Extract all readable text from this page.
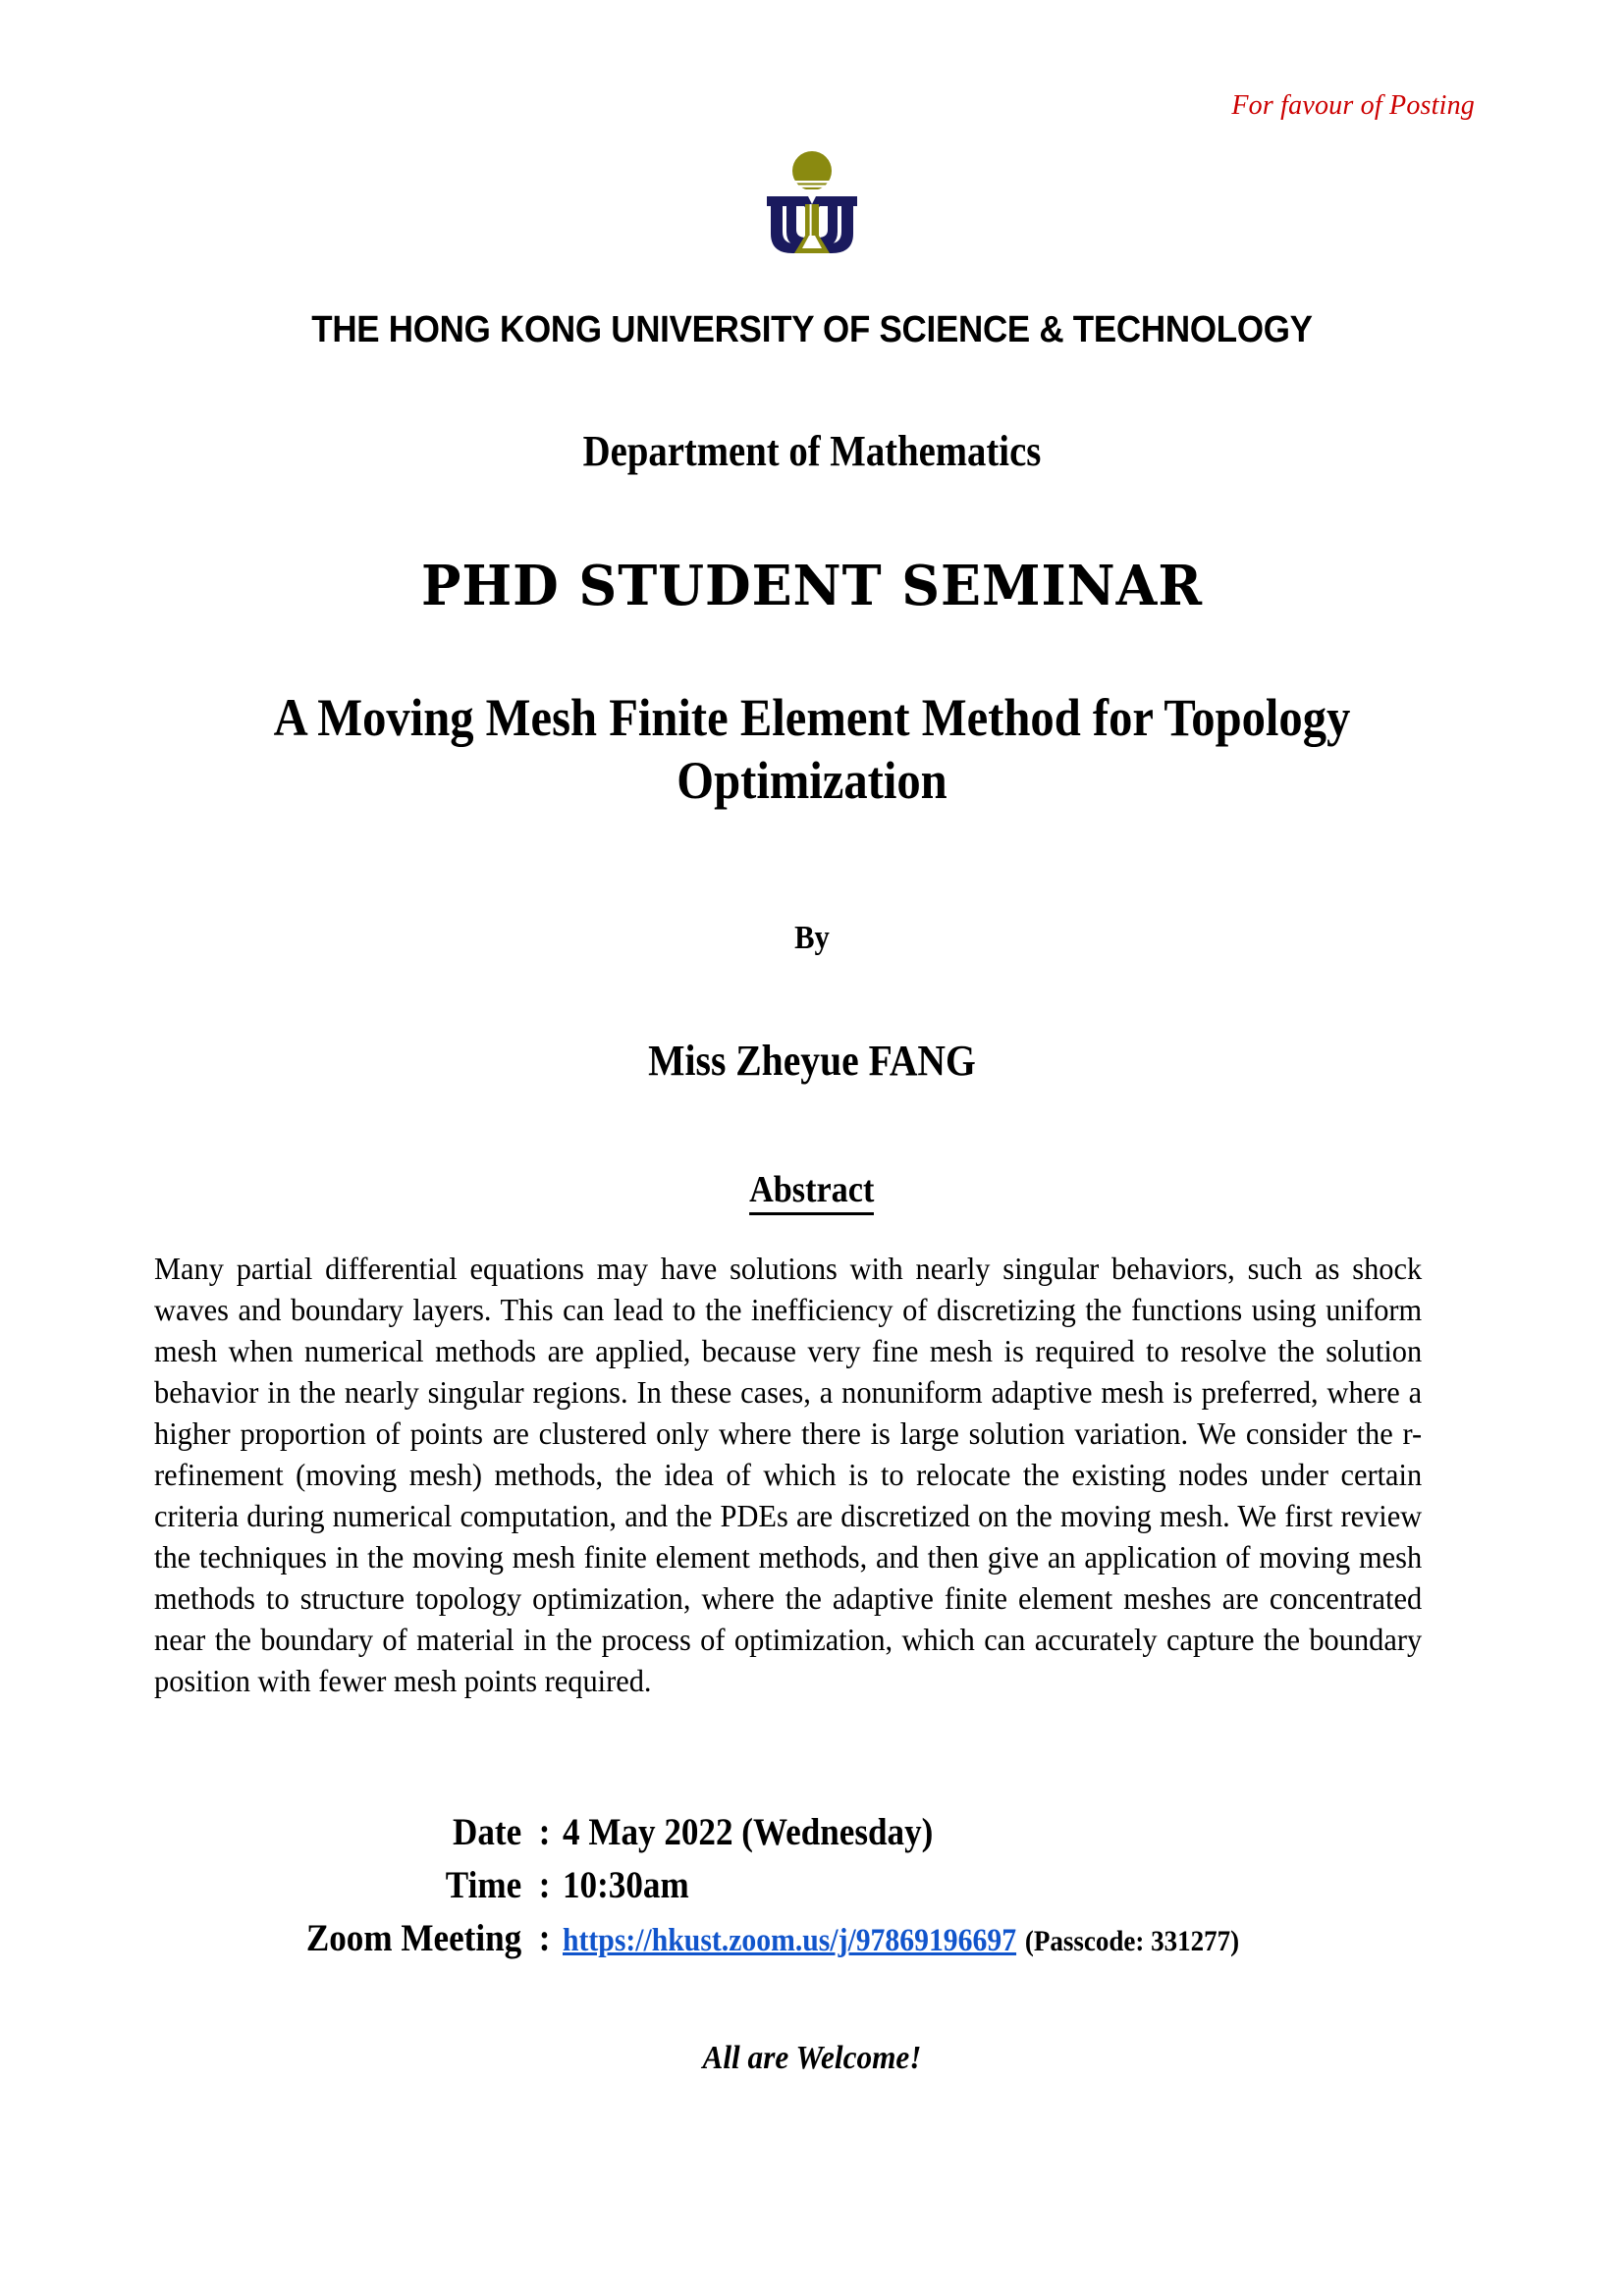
For favour of Posting
THE HONG KONG UNIVERSITY OF SCIENCE & TECHNOLOGY
Department of Mathematics
PHD STUDENT SEMINAR
A Moving Mesh Finite Element Method for Topology Optimization
By
Miss Zheyue FANG
Abstract
Many partial differential equations may have solutions with nearly singular behaviors, such as shock waves and boundary layers. This can lead to the inefficiency of discretizing the functions using uniform mesh when numerical methods are applied, because very fine mesh is required to resolve the solution behavior in the nearly singular regions. In these cases, a nonuniform adaptive mesh is preferred, where a higher proportion of points are clustered only where there is large solution variation. We consider the r-refinement (moving mesh) methods, the idea of which is to relocate the existing nodes under certain criteria during numerical computation, and the PDEs are discretized on the moving mesh. We first review the techniques in the moving mesh finite element methods, and then give an application of moving mesh methods to structure topology optimization, where the adaptive finite element meshes are concentrated near the boundary of material in the process of optimization, which can accurately capture the boundary position with fewer mesh points required.
Date : 4 May 2022 (Wednesday)
Time : 10:30am
Zoom Meeting : https://hkust.zoom.us/j/97869196697 (Passcode: 331277)
All are Welcome!
